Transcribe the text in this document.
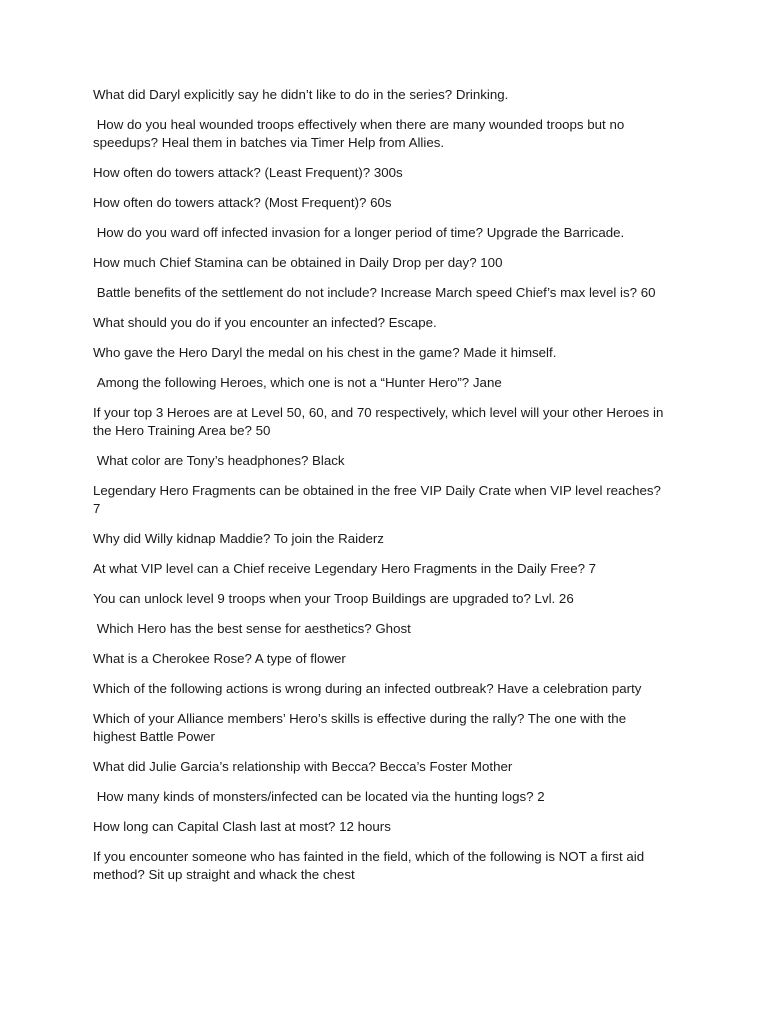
What did Daryl explicitly say he didn’t like to do in the series? Drinking.

How do you heal wounded troops effectively when there are many wounded troops but no speedups? Heal them in batches via Timer Help from Allies.

How often do towers attack? (Least Frequent)? 300s

How often do towers attack? (Most Frequent)? 60s

How do you ward off infected invasion for a longer period of time? Upgrade the Barricade.

How much Chief Stamina can be obtained in Daily Drop per day? 100

Battle benefits of the settlement do not include? Increase March speed Chief’s max level is? 60

What should you do if you encounter an infected? Escape.

Who gave the Hero Daryl the medal on his chest in the game? Made it himself.

Among the following Heroes, which one is not a “Hunter Hero”? Jane

If your top 3 Heroes are at Level 50, 60, and 70 respectively, which level will your other Heroes in the Hero Training Area be? 50

What color are Tony’s headphones? Black

Legendary Hero Fragments can be obtained in the free VIP Daily Crate when VIP level reaches? 7

Why did Willy kidnap Maddie? To join the Raiderz

At what VIP level can a Chief receive Legendary Hero Fragments in the Daily Free? 7

You can unlock level 9 troops when your Troop Buildings are upgraded to? Lvl. 26

Which Hero has the best sense for aesthetics? Ghost

What is a Cherokee Rose? A type of flower

Which of the following actions is wrong during an infected outbreak? Have a celebration party

Which of your Alliance members’ Hero’s skills is effective during the rally? The one with the highest Battle Power

What did Julie Garcia’s relationship with Becca? Becca’s Foster Mother

How many kinds of monsters/infected can be located via the hunting logs? 2

How long can Capital Clash last at most? 12 hours

If you encounter someone who has fainted in the field, which of the following is NOT a first aid method? Sit up straight and whack the chest
